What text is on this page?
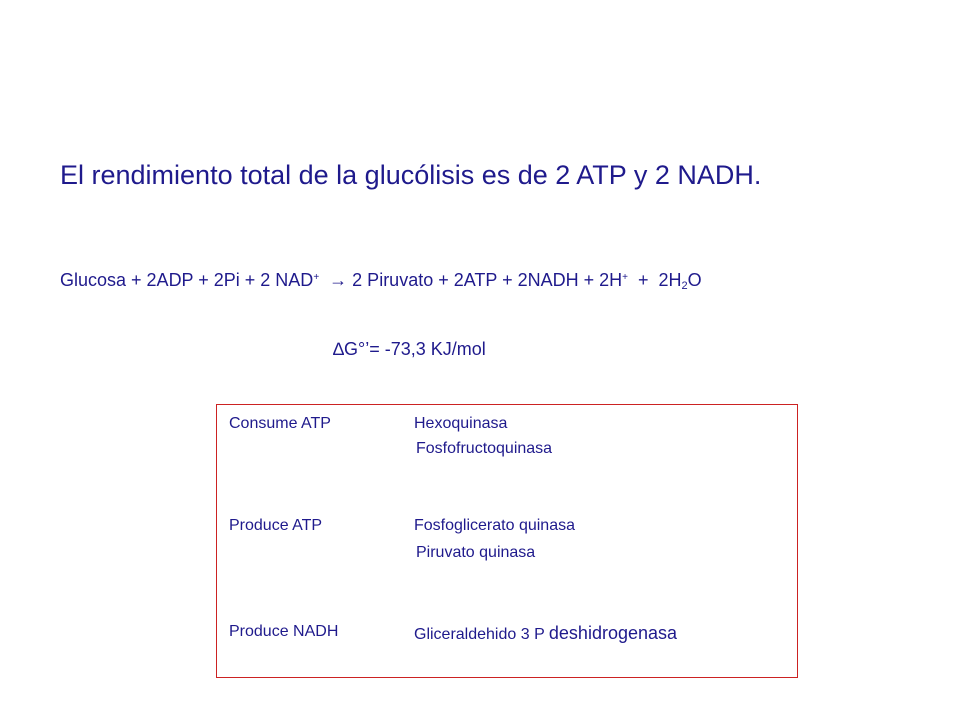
El rendimiento total de la glucólisis es de 2 ATP y 2 NADH.
Glucosa + 2ADP + 2Pi + 2 NAD+ → 2 Piruvato + 2ATP + 2NADH + $2H^+ + 2H_2O$
∆G°’= -73,3 KJ/mol
Consume ATP	Hexoquinasa
Fosfofructoquinasa
Produce ATP	Fosfoglicerato quinasa
Piruvato quinasa
Produce NADH	Gliceraldehido 3 P deshidrogenasa
